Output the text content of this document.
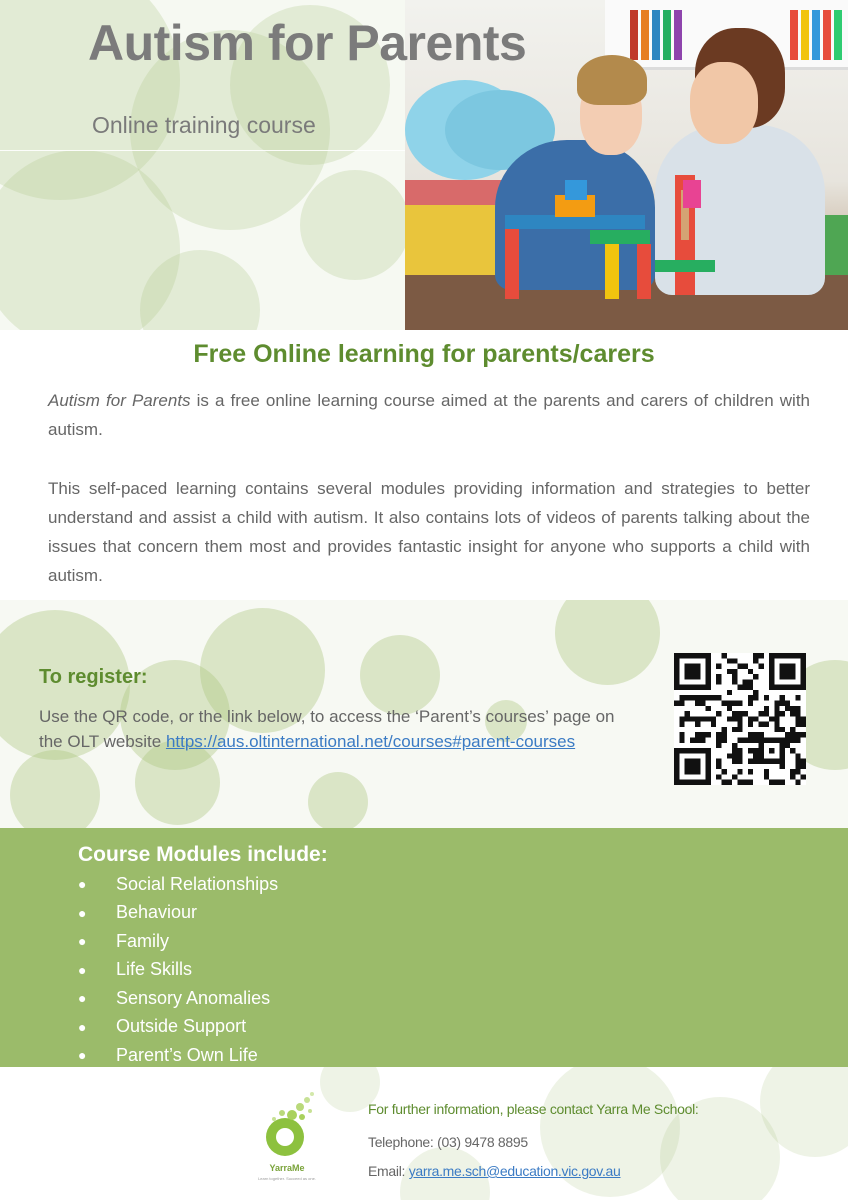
Autism for Parents
Online training course
Free Online learning for parents/carers

Autism for Parents is a free online learning course aimed at the parents and carers of children with autism.

This self-paced learning contains several modules providing information and strategies to better understand and assist a child with autism. It also contains lots of videos of parents talking about the issues that concern them most and provides fantastic insight for anyone who supports a child with autism.

To register:
Use the QR code, or the link below, to access the ‘Parent’s courses’ page on the OLT website https://aus.oltinternational.net/courses#parent-courses
Course Modules include:
●	Social Relationships
●	Behaviour
●	Family
●	Life Skills
●	Sensory Anomalies
●	Outside Support
●	Parent’s Own Life
YarraMe
Learn together. Succeed as one.
For further information, please contact Yarra Me School:
Telephone: (03) 9478 8895
Email: yarra.me.sch@education.vic.gov.au
